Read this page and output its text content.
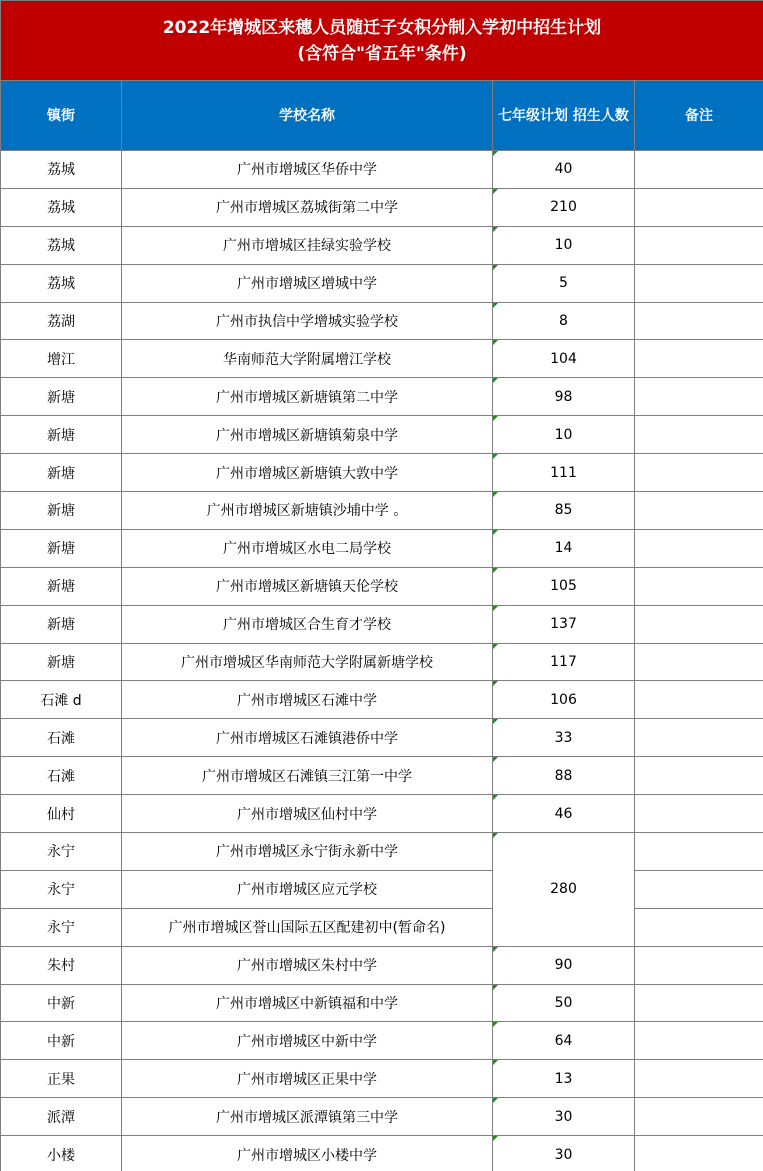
2022年增城区来穗人员随迁子女积分制入学初中招生计划
(含符合"省五年"条件)			

镇街	学校名称	七年级计划 招生人数	备注
荔城	广州市增城区华侨中学	40	
荔城	广州市增城区荔城街第二中学	210	
荔城	广州市增城区挂绿实验学校	10	
荔城	广州市增城区增城中学	5	
荔湖	广州市执信中学增城实验学校	8	
增江	华南师范大学附属增江学校	104	
新塘	广州市增城区新塘镇第二中学	98	
新塘	广州市增城区新塘镇菊泉中学	10	
新塘	广州市增城区新塘镇大敦中学	111	
新塘	广州市增城区新塘镇沙埔中学 。	85	
新塘	广州市增城区水电二局学校	14	
新塘	广州市增城区新塘镇天伦学校	105	
新塘	广州市增城区合生育才学校	137	
新塘	广州市增城区华南师范大学附属新塘学校	117	
石滩 d	广州市增城区石滩中学	106	
石滩	广州市增城区石滩镇港侨中学	33	
石滩	广州市增城区石滩镇三江第一中学	88	
仙村	广州市增城区仙村中学	46	
永宁	广州市增城区永宁街永新中学	280	
永宁	广州市增城区应元学校		
永宁	广州市增城区誉山国际五区配建初中(暂命名)		
朱村	广州市增城区朱村中学	90	
中新	广州市增城区中新镇福和中学	50	
中新	广州市增城区中新中学	64	
正果	广州市增城区正果中学	13	
派潭	广州市增城区派潭镇第三中学	30	
小楼	广州市增城区小楼中学	30	
